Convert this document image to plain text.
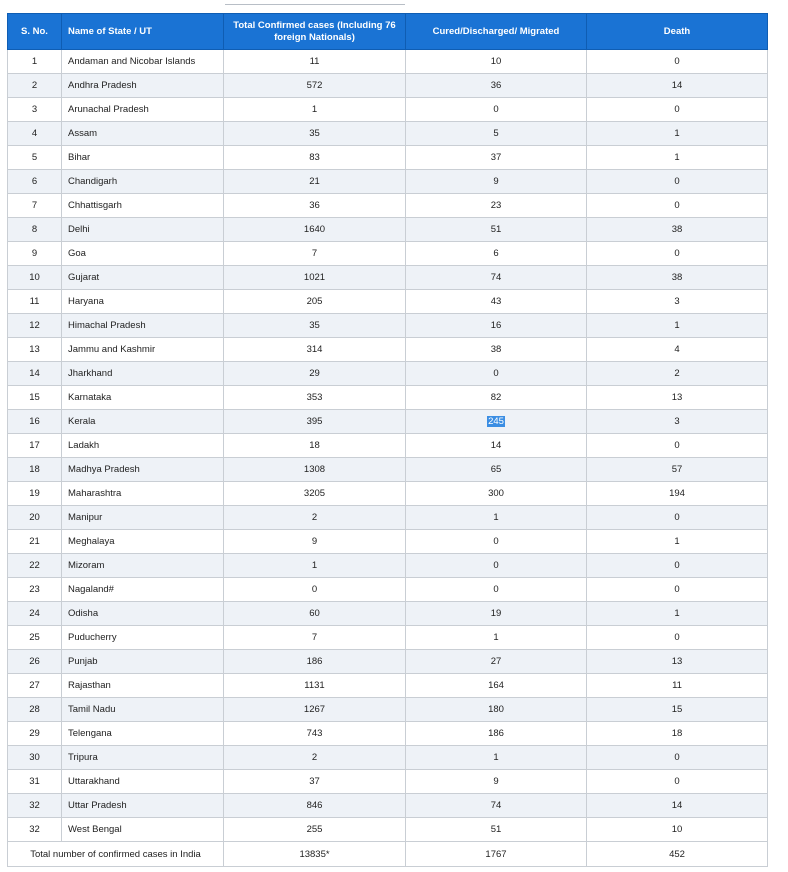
S. No.	Name of State / UT	Total Confirmed cases (Including 76 foreign Nationals)	Cured/Discharged/ Migrated	Death
1	Andaman and Nicobar Islands	11	10	0
2	Andhra Pradesh	572	36	14
3	Arunachal Pradesh	1	0	0
4	Assam	35	5	1
5	Bihar	83	37	1
6	Chandigarh	21	9	0
7	Chhattisgarh	36	23	0
8	Delhi	1640	51	38
9	Goa	7	6	0
10	Gujarat	1021	74	38
11	Haryana	205	43	3
12	Himachal Pradesh	35	16	1
13	Jammu and Kashmir	314	38	4
14	Jharkhand	29	0	2
15	Karnataka	353	82	13
16	Kerala	395	245	3
17	Ladakh	18	14	0
18	Madhya Pradesh	1308	65	57
19	Maharashtra	3205	300	194
20	Manipur	2	1	0
21	Meghalaya	9	0	1
22	Mizoram	1	0	0
23	Nagaland#	0	0	0
24	Odisha	60	19	1
25	Puducherry	7	1	0
26	Punjab	186	27	13
27	Rajasthan	1131	164	11
28	Tamil Nadu	1267	180	15
29	Telengana	743	186	18
30	Tripura	2	1	0
31	Uttarakhand	37	9	0
32	Uttar Pradesh	846	74	14
32	West Bengal	255	51	10
Total number of confirmed cases in India		13835*	1767	452
